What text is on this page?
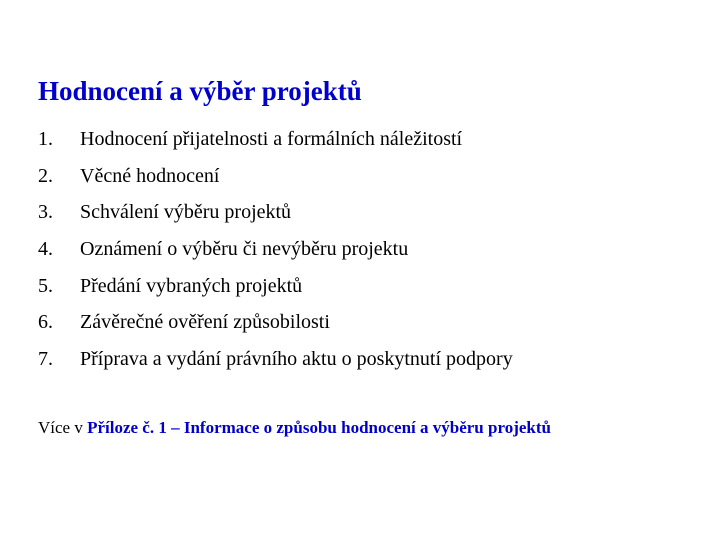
Hodnocení a výběr projektů
1.	Hodnocení přijatelnosti a formálních náležitostí
2.	Věcné hodnocení
3.	Schválení výběru projektů
4.	Oznámení o výběru či nevýběru projektu
5.	Předání vybraných projektů
6.	Závěrečné ověření způsobilosti
7.	Příprava a vydání právního aktu o poskytnutí podpory
Více v Příloze č. 1 – Informace o způsobu hodnocení a výběru projektů
